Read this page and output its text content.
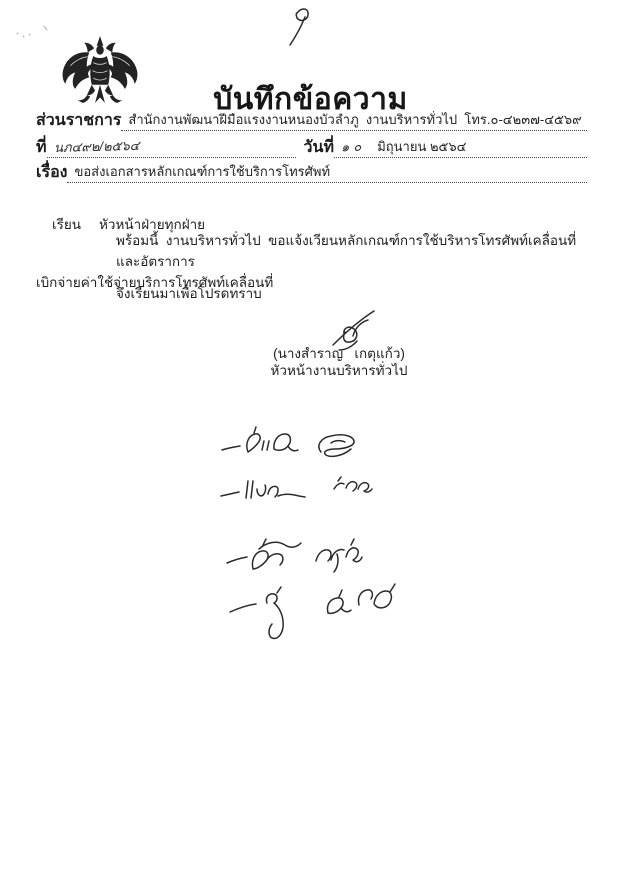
บันทึกข้อความ
ส่วนราชการ สำนักงานพัฒนาฝีมือแรงงานหนองบัวลำภู  งานบริหารทั่วไป  โทร.๐-๔๒๓๗-๔๕๖๙
ที่ นภ๔๙๒/๒๕๖๔	วันที่ ๑๐ มิถุนายน ๒๕๖๔
เรื่อง ขอส่งเอกสารหลักเกณฑ์การใช้บริการโทรศัพท์

เรียน หัวหน้าฝ่ายทุกฝ่าย

พร้อมนี้  งานบริหารทั่วไป  ขอแจ้งเวียนหลักเกณฑ์การใช้บริหารโทรศัพท์เคลื่อนที่และอัตราการ
เบิกจ่ายค่าใช้จ่ายบริการโทรศัพท์เคลื่อนที่
จึงเรียนมาเพื่อโปรดทราบ
(นางสำราญ   เกตุแก้ว)
หัวหน้างานบริหารทั่วไป
